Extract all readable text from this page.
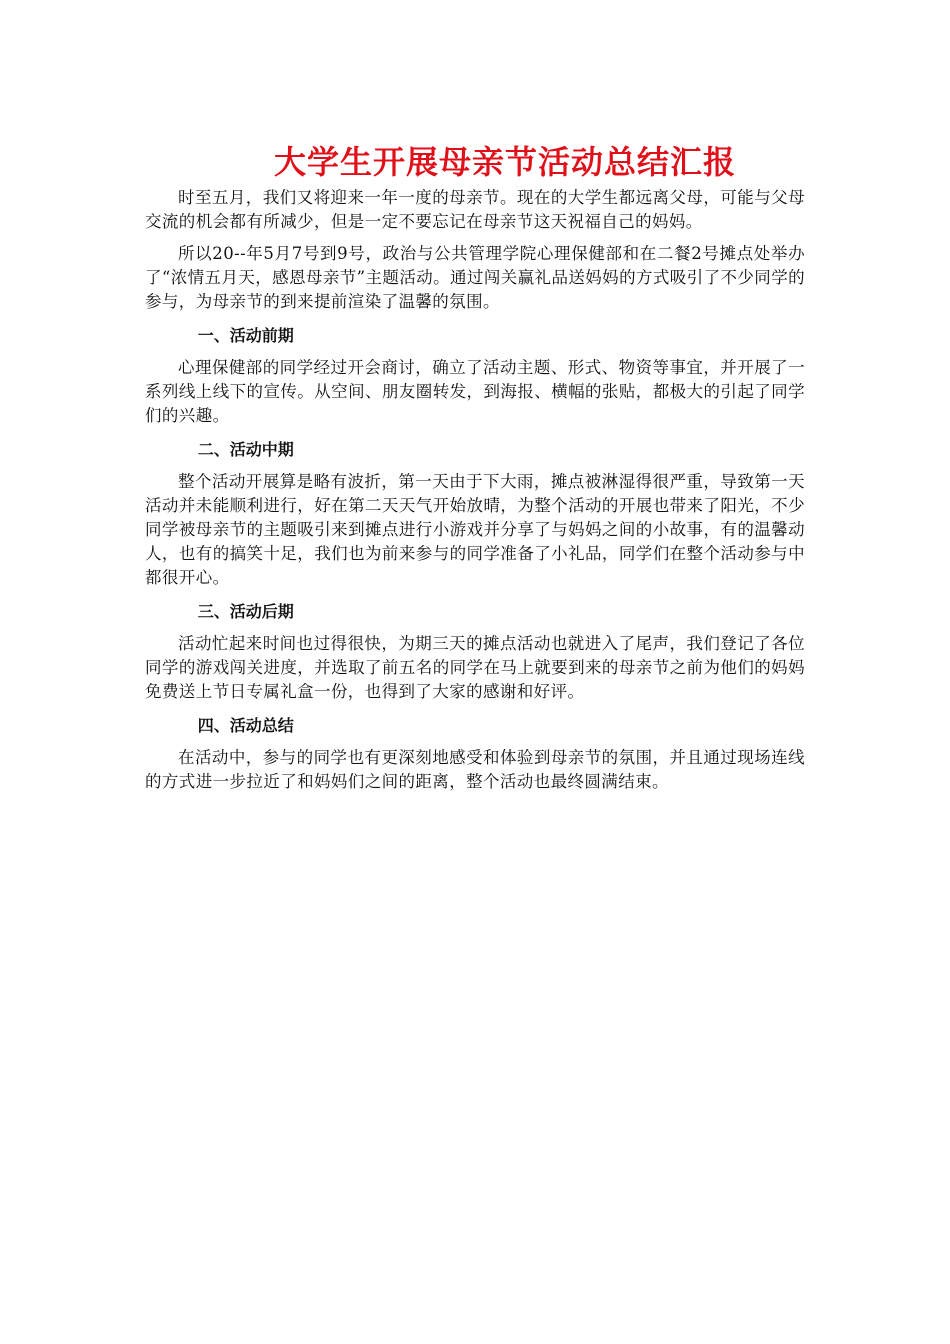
大学生开展母亲节活动总结汇报

时至五月，我们又将迎来一年一度的母亲节。现在的大学生都远离父母，可能与父母交流的机会都有所减少，但是一定不要忘记在母亲节这天祝福自己的妈妈。

所以20--年5月7号到9号，政治与公共管理学院心理保健部和在二餐2号摊点处举办了“浓情五月天，感恩母亲节”主题活动。通过闯关赢礼品送妈妈的方式吸引了不少同学的参与，为母亲节的到来提前渲染了温馨的氛围。

一、活动前期

心理保健部的同学经过开会商讨，确立了活动主题、形式、物资等事宜，并开展了一系列线上线下的宣传。从空间、朋友圈转发，到海报、横幅的张贴，都极大的引起了同学们的兴趣。

二、活动中期

整个活动开展算是略有波折，第一天由于下大雨，摊点被淋湿得很严重，导致第一天活动并未能顺利进行，好在第二天天气开始放晴，为整个活动的开展也带来了阳光，不少同学被母亲节的主题吸引来到摊点进行小游戏并分享了与妈妈之间的小故事，有的温馨动人，也有的搞笑十足，我们也为前来参与的同学准备了小礼品，同学们在整个活动参与中都很开心。

三、活动后期

活动忙起来时间也过得很快，为期三天的摊点活动也就进入了尾声，我们登记了各位同学的游戏闯关进度，并选取了前五名的同学在马上就要到来的母亲节之前为他们的妈妈免费送上节日专属礼盒一份，也得到了大家的感谢和好评。

四、活动总结

在活动中，参与的同学也有更深刻地感受和体验到母亲节的氛围，并且通过现场连线的方式进一步拉近了和妈妈们之间的距离，整个活动也最终圆满结束。
